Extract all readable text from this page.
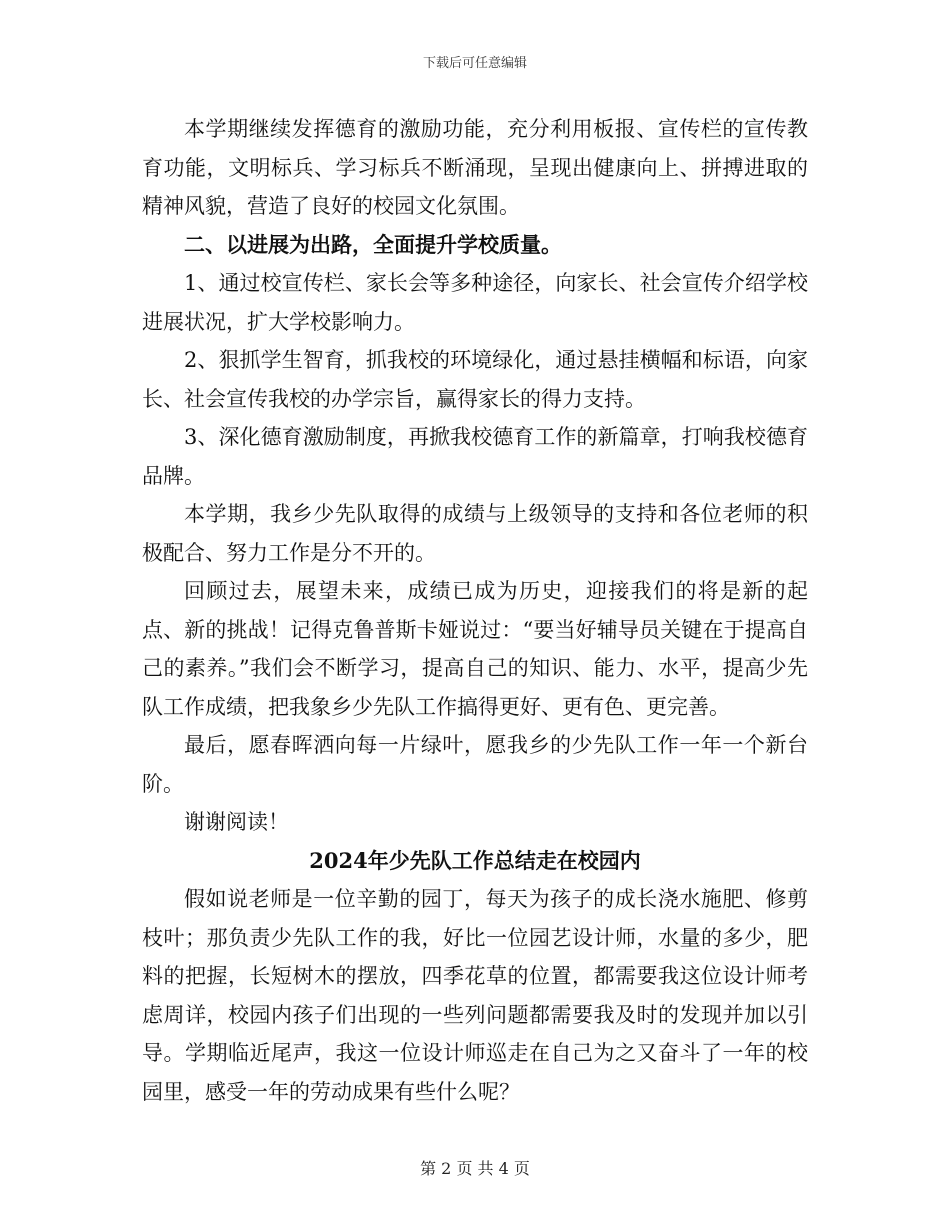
下载后可任意编辑

本学期继续发挥德育的激励功能，充分利用板报、宣传栏的宣传教育功能，文明标兵、学习标兵不断涌现，呈现出健康向上、拼搏进取的精神风貌，营造了良好的校园文化氛围。

二、以进展为出路，全面提升学校质量。

1、通过校宣传栏、家长会等多种途径，向家长、社会宣传介绍学校进展状况，扩大学校影响力。

2、狠抓学生智育，抓我校的环境绿化，通过悬挂横幅和标语，向家长、社会宣传我校的办学宗旨，赢得家长的得力支持。

3、深化德育激励制度，再掀我校德育工作的新篇章，打响我校德育品牌。

本学期，我乡少先队取得的成绩与上级领导的支持和各位老师的积极配合、努力工作是分不开的。

回顾过去，展望未来，成绩已成为历史，迎接我们的将是新的起点、新的挑战！记得克鲁普斯卡娅说过：“要当好辅导员关键在于提高自己的素养。”我们会不断学习，提高自己的知识、能力、水平，提高少先队工作成绩，把我象乡少先队工作搞得更好、更有色、更完善。

最后，愿春晖洒向每一片绿叶，愿我乡的少先队工作一年一个新台阶。

谢谢阅读！

2024年少先队工作总结走在校园内

假如说老师是一位辛勤的园丁，每天为孩子的成长浇水施肥、修剪枝叶；那负责少先队工作的我，好比一位园艺设计师，水量的多少，肥料的把握，长短树木的摆放，四季花草的位置，都需要我这位设计师考虑周详，校园内孩子们出现的一些列问题都需要我及时的发现并加以引导。学期临近尾声，我这一位设计师巡走在自己为之又奋斗了一年的校园里，感受一年的劳动成果有些什么呢？

第 2 页 共 4 页
